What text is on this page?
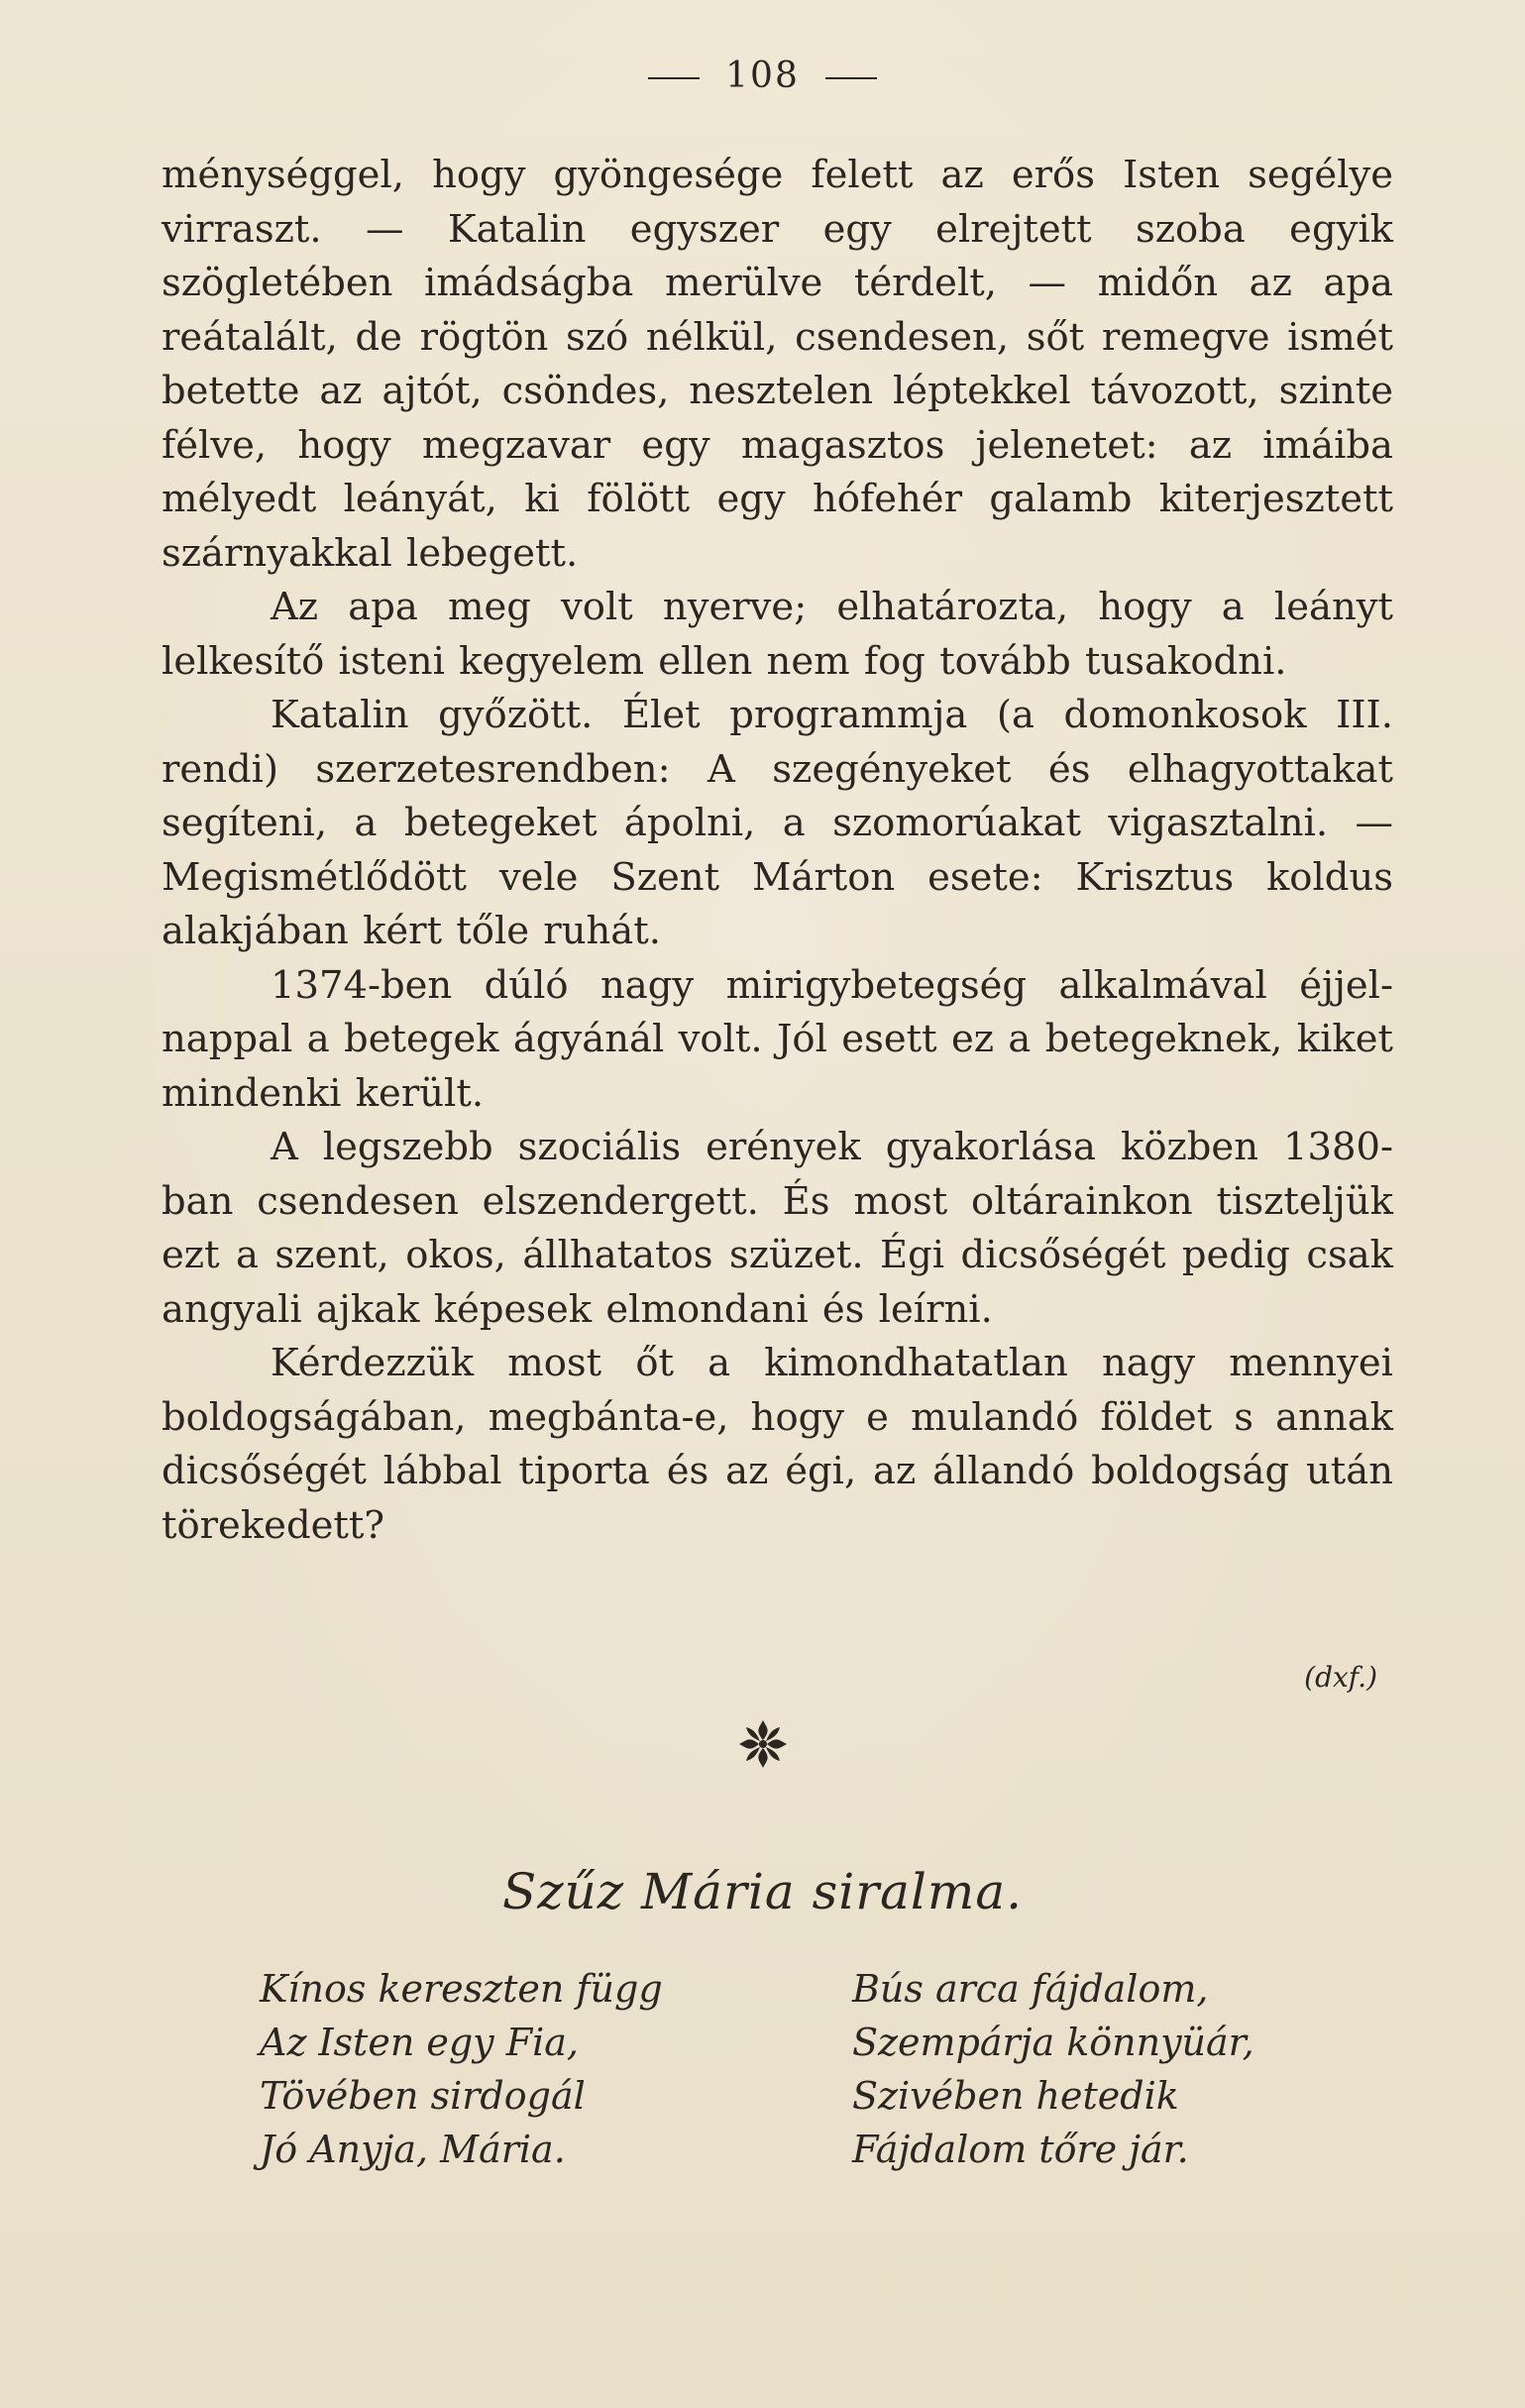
108

ménységgel, hogy gyöngesége felett az erős Isten segélye virraszt. — Katalin egyszer egy elrejtett szoba egyik szögletében imádságba merülve térdelt, — midőn az apa reátalált, de rögtön szó nélkül, csendesen, sőt remegve ismét betette az ajtót, csöndes, nesztelen léptekkel távozott, szinte félve, hogy megzavar egy magasztos jelenetet: az imáiba mélyedt leányát, ki fölött egy hófehér galamb kiterjesztett szárnyakkal lebegett.

Az apa meg volt nyerve; elhatározta, hogy a leányt lelkesítő isteni kegyelem ellen nem fog tovább tusakodni.

Katalin győzött. Élet programmja (a domonkosok III. rendi) szerzetesrendben: A szegényeket és elhagyottakat segíteni, a betegeket ápolni, a szomorúakat vigasztalni. — Megismétlődött vele Szent Márton esete: Krisztus koldus alakjában kért tőle ruhát.

1374-ben dúló nagy mirigybetegség alkalmával éjjel-nappal a betegek ágyánál volt. Jól esett ez a betegeknek, kiket mindenki került.

A legszebb szociális erények gyakorlása közben 1380-ban csendesen elszendergett. És most oltárainkon tiszteljük ezt a szent, okos, állhatatos szüzet. Égi dicsőségét pedig csak angyali ajkak képesek elmondani és leírni.

Kérdezzük most őt a kimondhatatlan nagy mennyei boldogságában, megbánta-e, hogy e mulandó földet s annak dicsőségét lábbal tiporta és az égi, az állandó boldogság után törekedett?

(dxf.)
Szűz Mária siralma.
Kínos kereszten függ
Az Isten egy Fia,
Tövében sirdogál
Jó Anyja, Mária.
Bús arca fájdalom,
Szempárja könnyüár,
Szivében hetedik
Fájdalom tőre jár.
